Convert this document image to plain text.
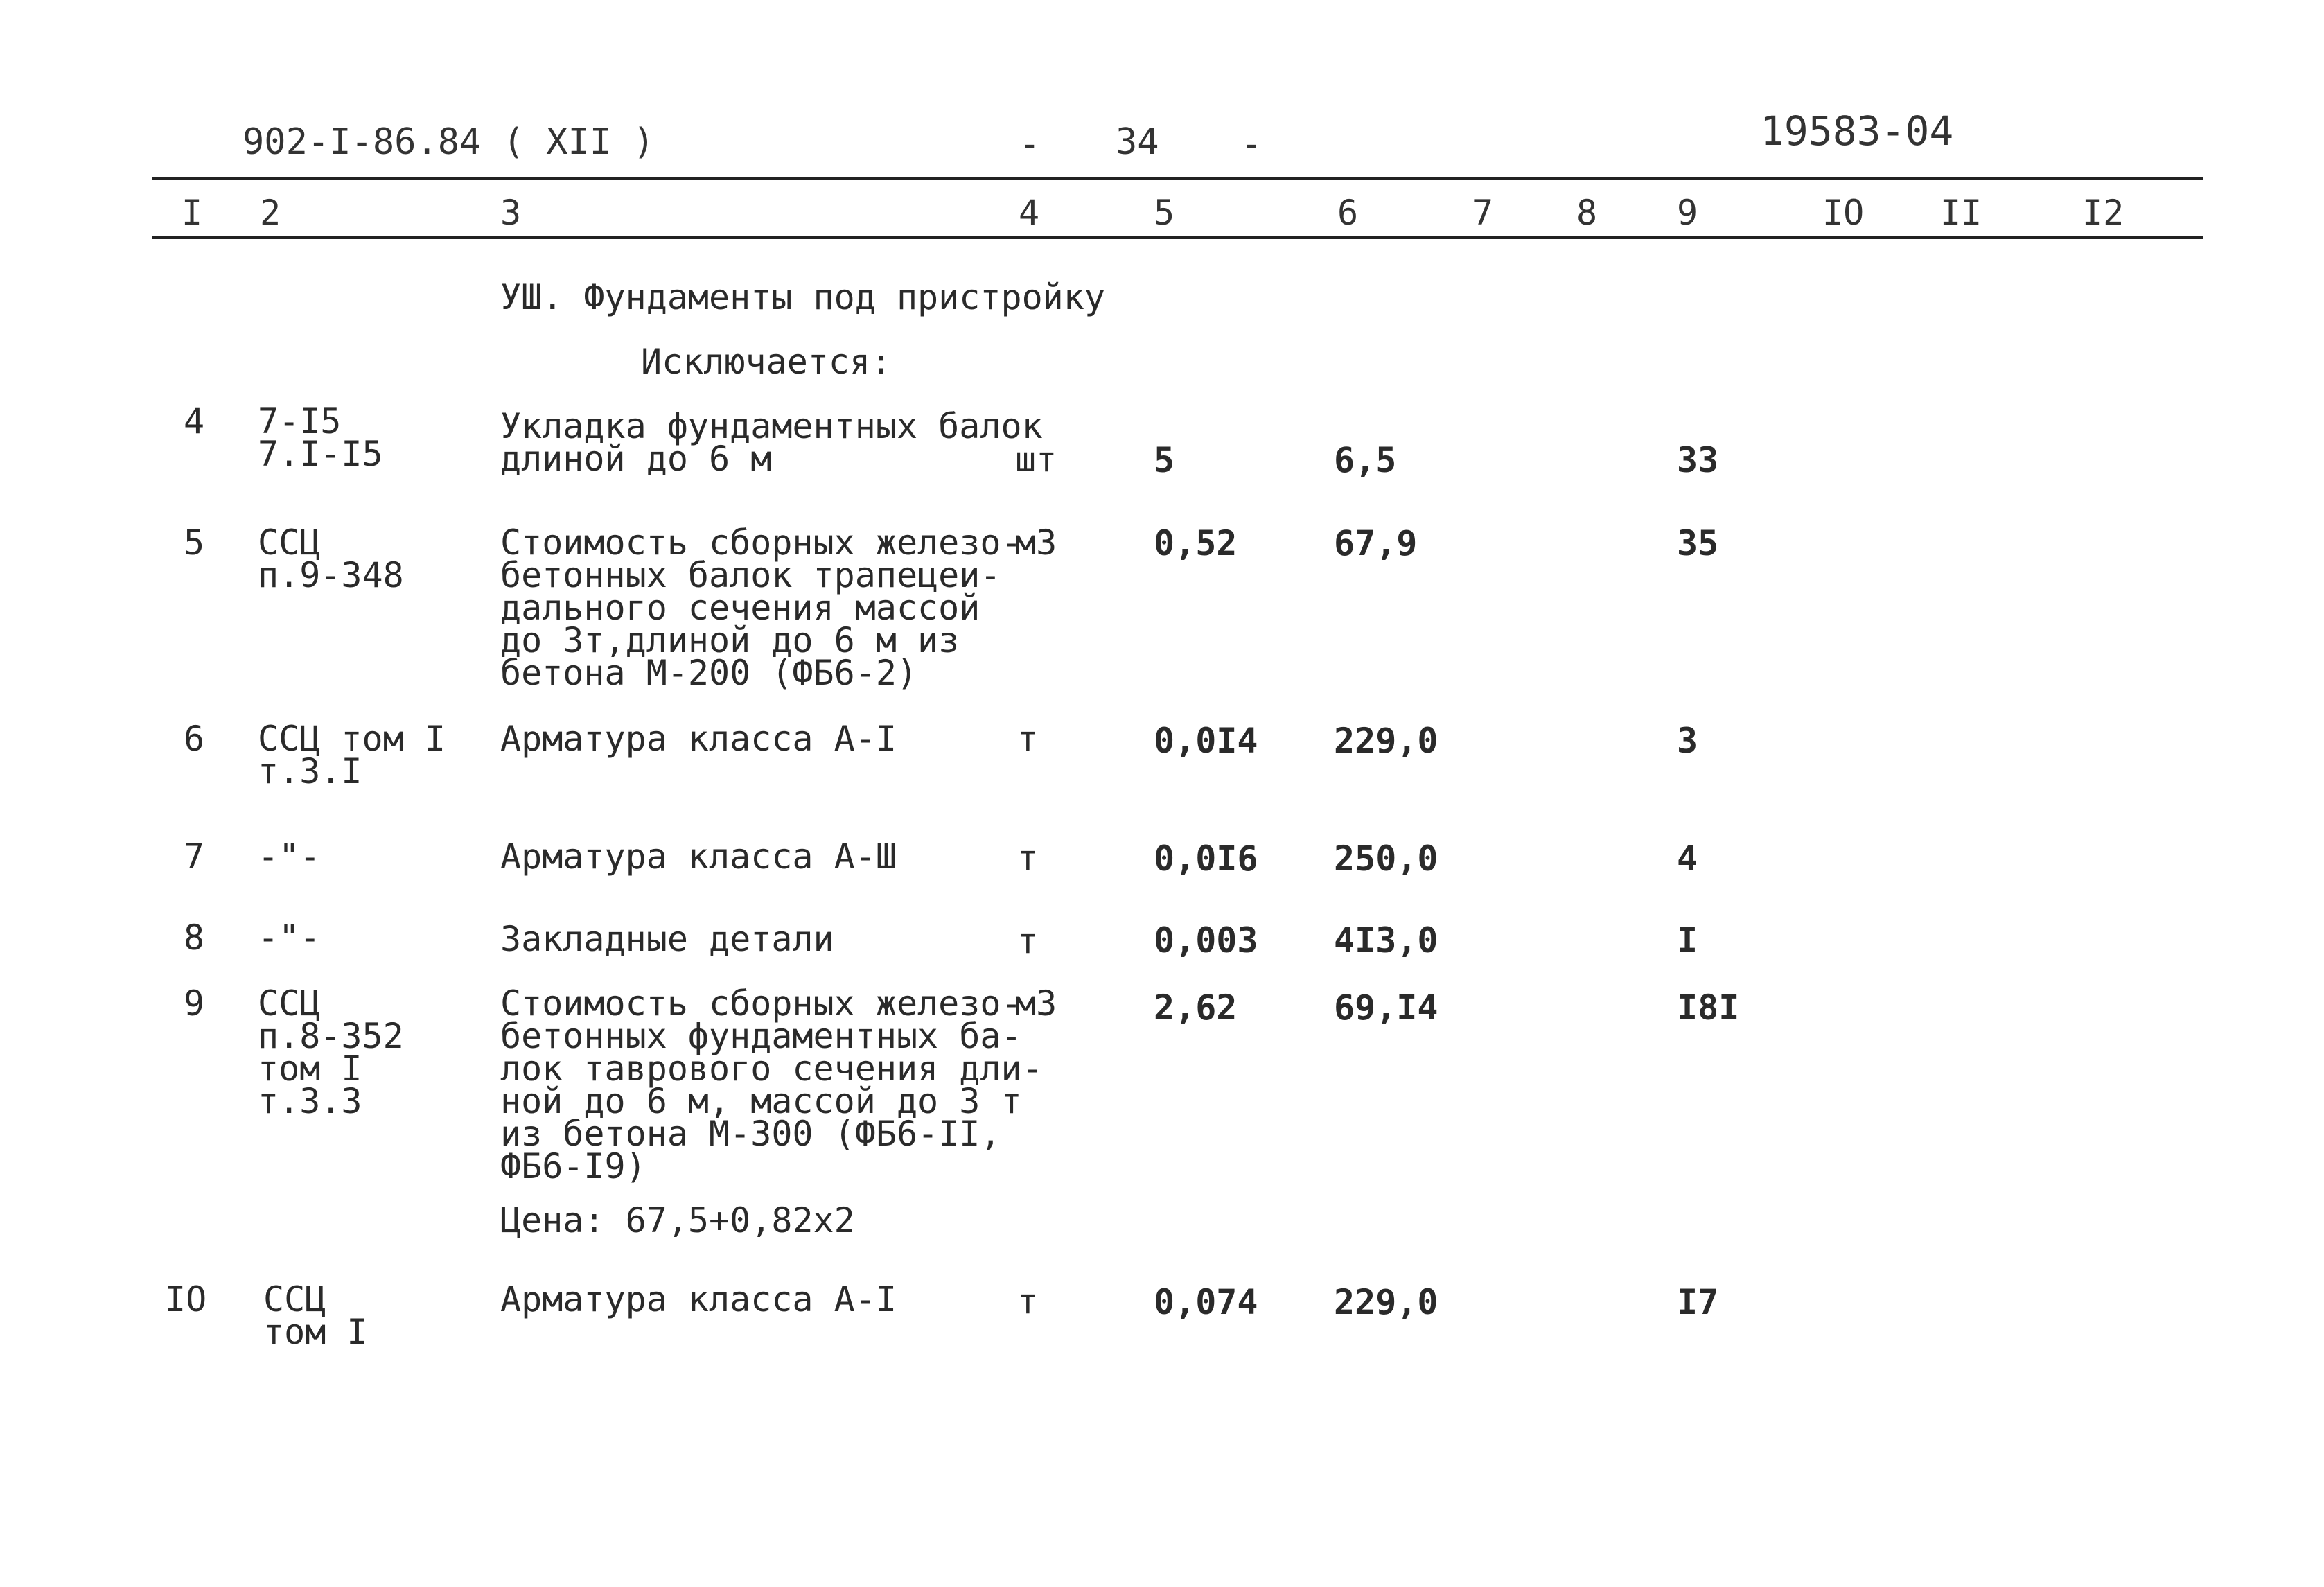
902-I-86.84 ( XII )	- 34 -	19583-04
I 2	3	4	5	6	7 8 9	IO II	I2
УШ. Фундаменты под пристройку
Исключается:
4 7-I5
7.I-I5
Укладка фундаментных балок
длиной до 6 м	шт	5	6,5	33
5 ССЦ
п.9-348
Стоимость сборных железо-
бетонных балок трапецеи-
дального сечения массой
до 3т,длиной до 6 м из
бетона М-200 (ФБ6-2)
м3	0,52	67,9	35
6 ССЦ том I
т.3.I
Арматура класса А-I	т	0,0I4 229,0	3
7 -"-	Арматура класса А-Ш	т	0,0I6 250,0	4
8 -"-	Закладные детали	т	0,003 4I3,0	I
9 ССЦ
п.8-352
том I
т.3.3
Стоимость сборных железо-
бетонных фундаментных ба-
лок таврового сечения дли-
ной до 6 м, массой до 3 т
из бетона М-300 (ФБ6-II,
ФБ6-I9)
Цена: 67,5+0,82х2
м3	2,62	69,I4	I8I
IO ССЦ
том I
Арматура класса А-I	т	0,074 229,0	I7
